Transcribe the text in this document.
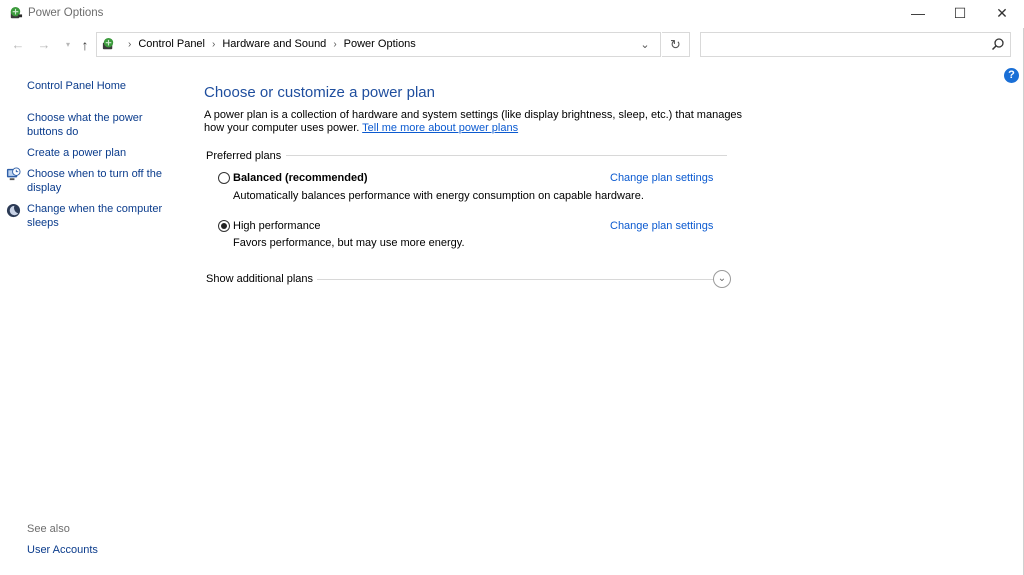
Power Options	—	☐	✕
← →	▾ ↑	› Control Panel › Hardware and Sound › Power Options	⌄	↻
?
Control Panel Home
Choose what the power buttons do
Create a power plan
Choose when to turn off the display
Change when the computer sleeps
See also
User Accounts
Choose or customize a power plan
A power plan is a collection of hardware and system settings (like display brightness, sleep, etc.) that manages how your computer uses power. Tell me more about power plans
Preferred plans
Balanced (recommended)
Automatically balances performance with energy consumption on capable hardware.
Change plan settings
High performance
Favors performance, but may use more energy.
Change plan settings
Show additional plans	⌄
